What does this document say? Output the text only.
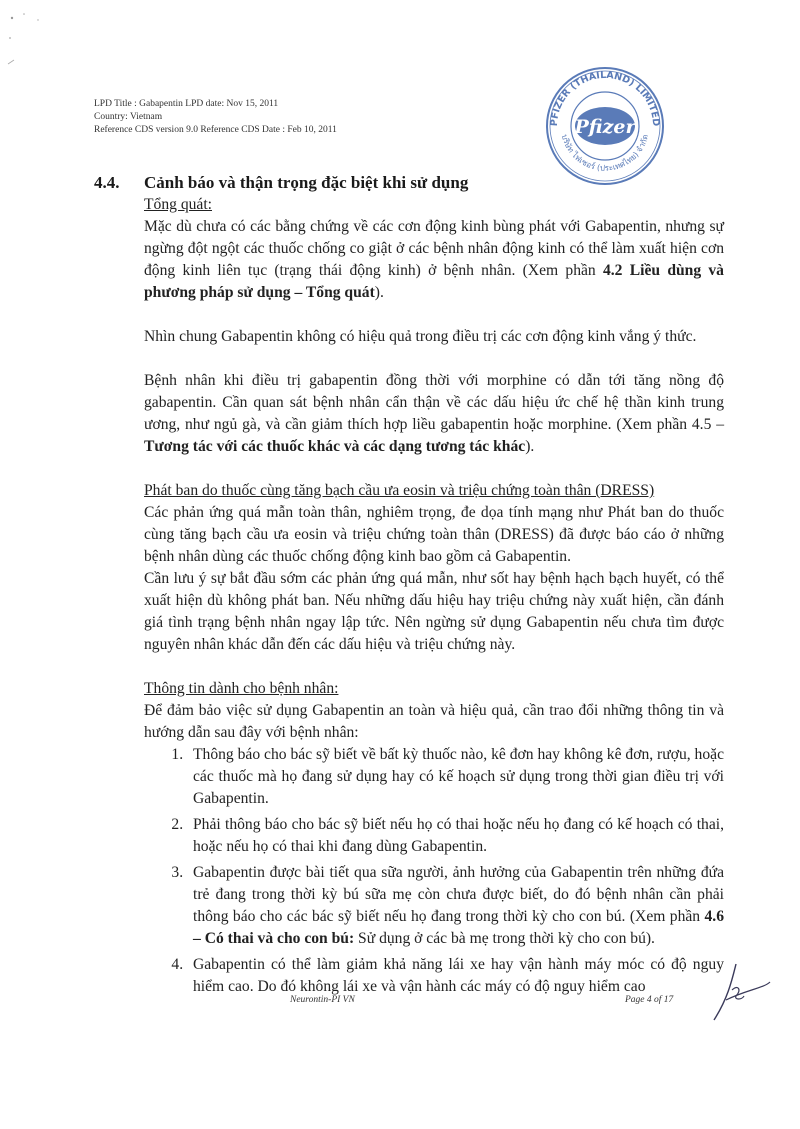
LPD Title : Gabapentin LPD date: Nov 15, 2011
Country: Vietnam
Reference CDS version 9.0 Reference CDS Date : Feb 10, 2011
PFIZER (THAILAND) LIMITED
บริษัท ไฟเซอร์ (ประเทศไทย) จำกัด
Pfizer
4.4.	Cảnh báo và thận trọng đặc biệt khi sử dụng
Tổng quát:

Mặc dù chưa có các bằng chứng về các cơn động kinh bùng phát với Gabapentin, nhưng sự ngừng đột ngột các thuốc chống co giật ở các bệnh nhân động kinh có thể làm xuất hiện cơn động kinh liên tục (trạng thái động kinh) ở bệnh nhân. (Xem phần 4.2 Liều dùng và phương pháp sử dụng – Tổng quát).

Nhìn chung Gabapentin không có hiệu quả trong điều trị các cơn động kinh vắng ý thức.

Bệnh nhân khi điều trị gabapentin đồng thời với morphine có dẫn tới tăng nồng độ gabapentin. Cần quan sát bệnh nhân cẩn thận về các dấu hiệu ức chế hệ thần kinh trung ương, như ngủ gà, và cần giảm thích hợp liều gabapentin hoặc morphine. (Xem phần 4.5 – Tương tác với các thuốc khác và các dạng tương tác khác).

Phát ban do thuốc cùng tăng bạch cầu ưa eosin và triệu chứng toàn thân (DRESS)

Các phản ứng quá mẫn toàn thân, nghiêm trọng, đe dọa tính mạng như Phát ban do thuốc cùng tăng bạch cầu ưa eosin và triệu chứng toàn thân (DRESS) đã được báo cáo ở những bệnh nhân dùng các thuốc chống động kinh bao gồm cả Gabapentin.

Cần lưu ý sự bắt đầu sớm các phản ứng quá mẫn, như sốt hay bệnh hạch bạch huyết, có thể xuất hiện dù không phát ban. Nếu những dấu hiệu hay triệu chứng này xuất hiện, cần đánh giá tình trạng bệnh nhân ngay lập tức. Nên ngừng sử dụng Gabapentin nếu chưa tìm được nguyên nhân khác dẫn đến các dấu hiệu và triệu chứng này.

Thông tin dành cho bệnh nhân:

Để đảm bảo việc sử dụng Gabapentin an toàn và hiệu quả, cần trao đổi những thông tin và hướng dẫn sau đây với bệnh nhân:

1. Thông báo cho bác sỹ biết về bất kỳ thuốc nào, kê đơn hay không kê đơn, rượu, hoặc các thuốc mà họ đang sử dụng hay có kế hoạch sử dụng trong thời gian điều trị với Gabapentin.
2. Phải thông báo cho bác sỹ biết nếu họ có thai hoặc nếu họ đang có kế hoạch có thai, hoặc nếu họ có thai khi đang dùng Gabapentin.
3. Gabapentin được bài tiết qua sữa người, ảnh hưởng của Gabapentin trên những đứa trẻ đang trong thời kỳ bú sữa mẹ còn chưa được biết, do đó bệnh nhân cần phải thông báo cho các bác sỹ biết nếu họ đang trong thời kỳ cho con bú. (Xem phần 4.6 – Có thai và cho con bú: Sử dụng ở các bà mẹ trong thời kỳ cho con bú).
4. Gabapentin có thể làm giảm khả năng lái xe hay vận hành máy móc có độ nguy hiểm cao. Do đó không lái xe và vận hành các máy có độ nguy hiểm cao
Neurontin-PI VN	Page 4 of 17
